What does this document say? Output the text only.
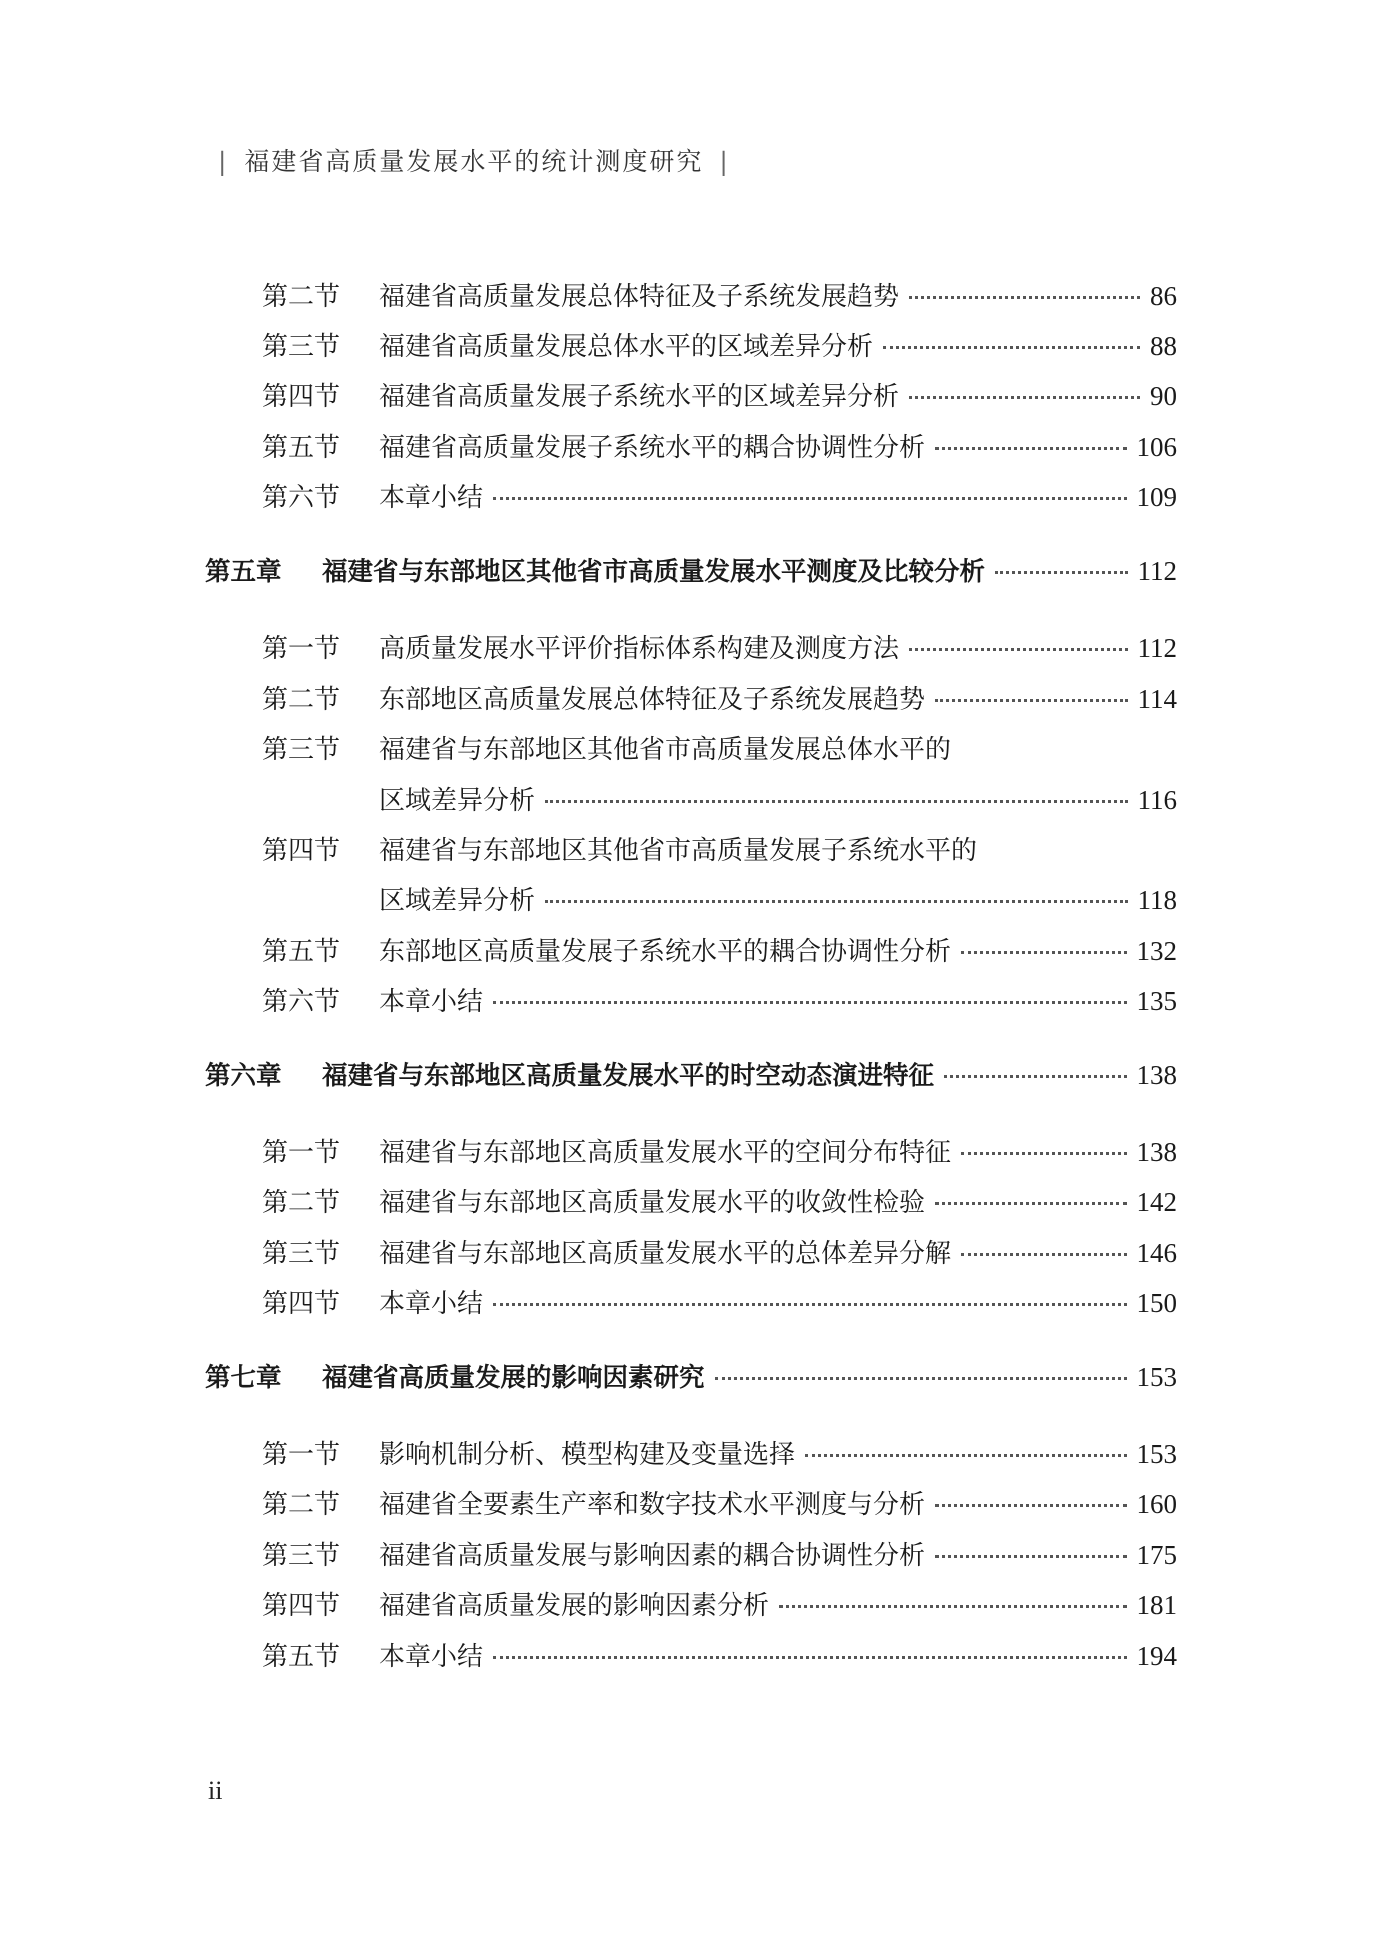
| 福建省高质量发展水平的统计测度研究 |
第二节	福建省高质量发展总体特征及子系统发展趋势	86
第三节	福建省高质量发展总体水平的区域差异分析	88
第四节	福建省高质量发展子系统水平的区域差异分析	90
第五节	福建省高质量发展子系统水平的耦合协调性分析	106
第六节	本章小结	109
第五章	福建省与东部地区其他省市高质量发展水平测度及比较分析	112
第一节	高质量发展水平评价指标体系构建及测度方法	112
第二节	东部地区高质量发展总体特征及子系统发展趋势	114
第三节	福建省与东部地区其他省市高质量发展总体水平的
区域差异分析	116
第四节	福建省与东部地区其他省市高质量发展子系统水平的
区域差异分析	118
第五节	东部地区高质量发展子系统水平的耦合协调性分析	132
第六节	本章小结	135
第六章	福建省与东部地区高质量发展水平的时空动态演进特征	138
第一节	福建省与东部地区高质量发展水平的空间分布特征	138
第二节	福建省与东部地区高质量发展水平的收敛性检验	142
第三节	福建省与东部地区高质量发展水平的总体差异分解	146
第四节	本章小结	150
第七章	福建省高质量发展的影响因素研究	153
第一节	影响机制分析、模型构建及变量选择	153
第二节	福建省全要素生产率和数字技术水平测度与分析	160
第三节	福建省高质量发展与影响因素的耦合协调性分析	175
第四节	福建省高质量发展的影响因素分析	181
第五节	本章小结	194
ii
